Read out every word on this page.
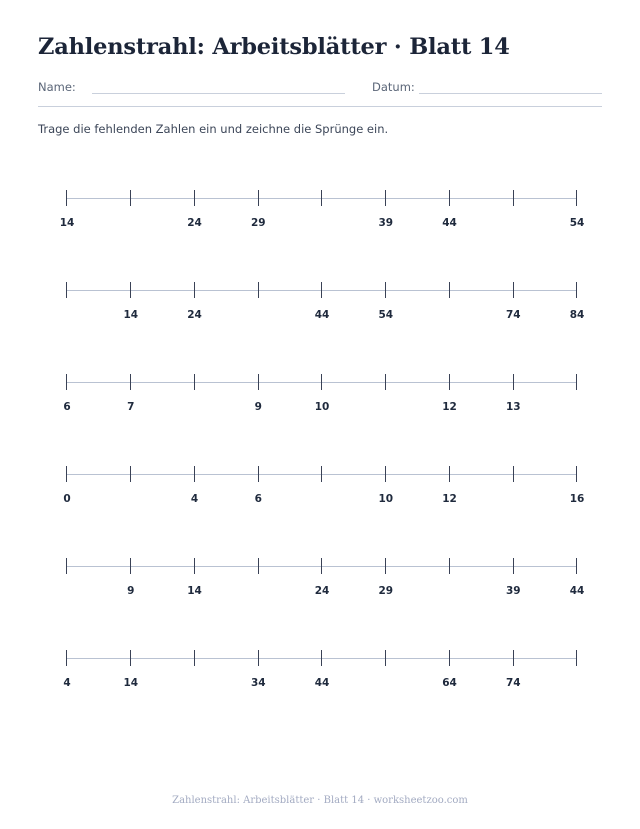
Zahlenstrahl: Arbeitsblätter · Blatt 14
Name:	Datum:

Trage die fehlenden Zahlen ein und zeichne die Sprünge ein.

14	24	29	39	44	54
14	24	44	54	74	84
6	7	9	10	12	13
0	4	6	10	12	16
9	14	24	29	39	44
4	14	34	44	64	74
Zahlenstrahl: Arbeitsblätter · Blatt 14 · worksheetzoo.com
